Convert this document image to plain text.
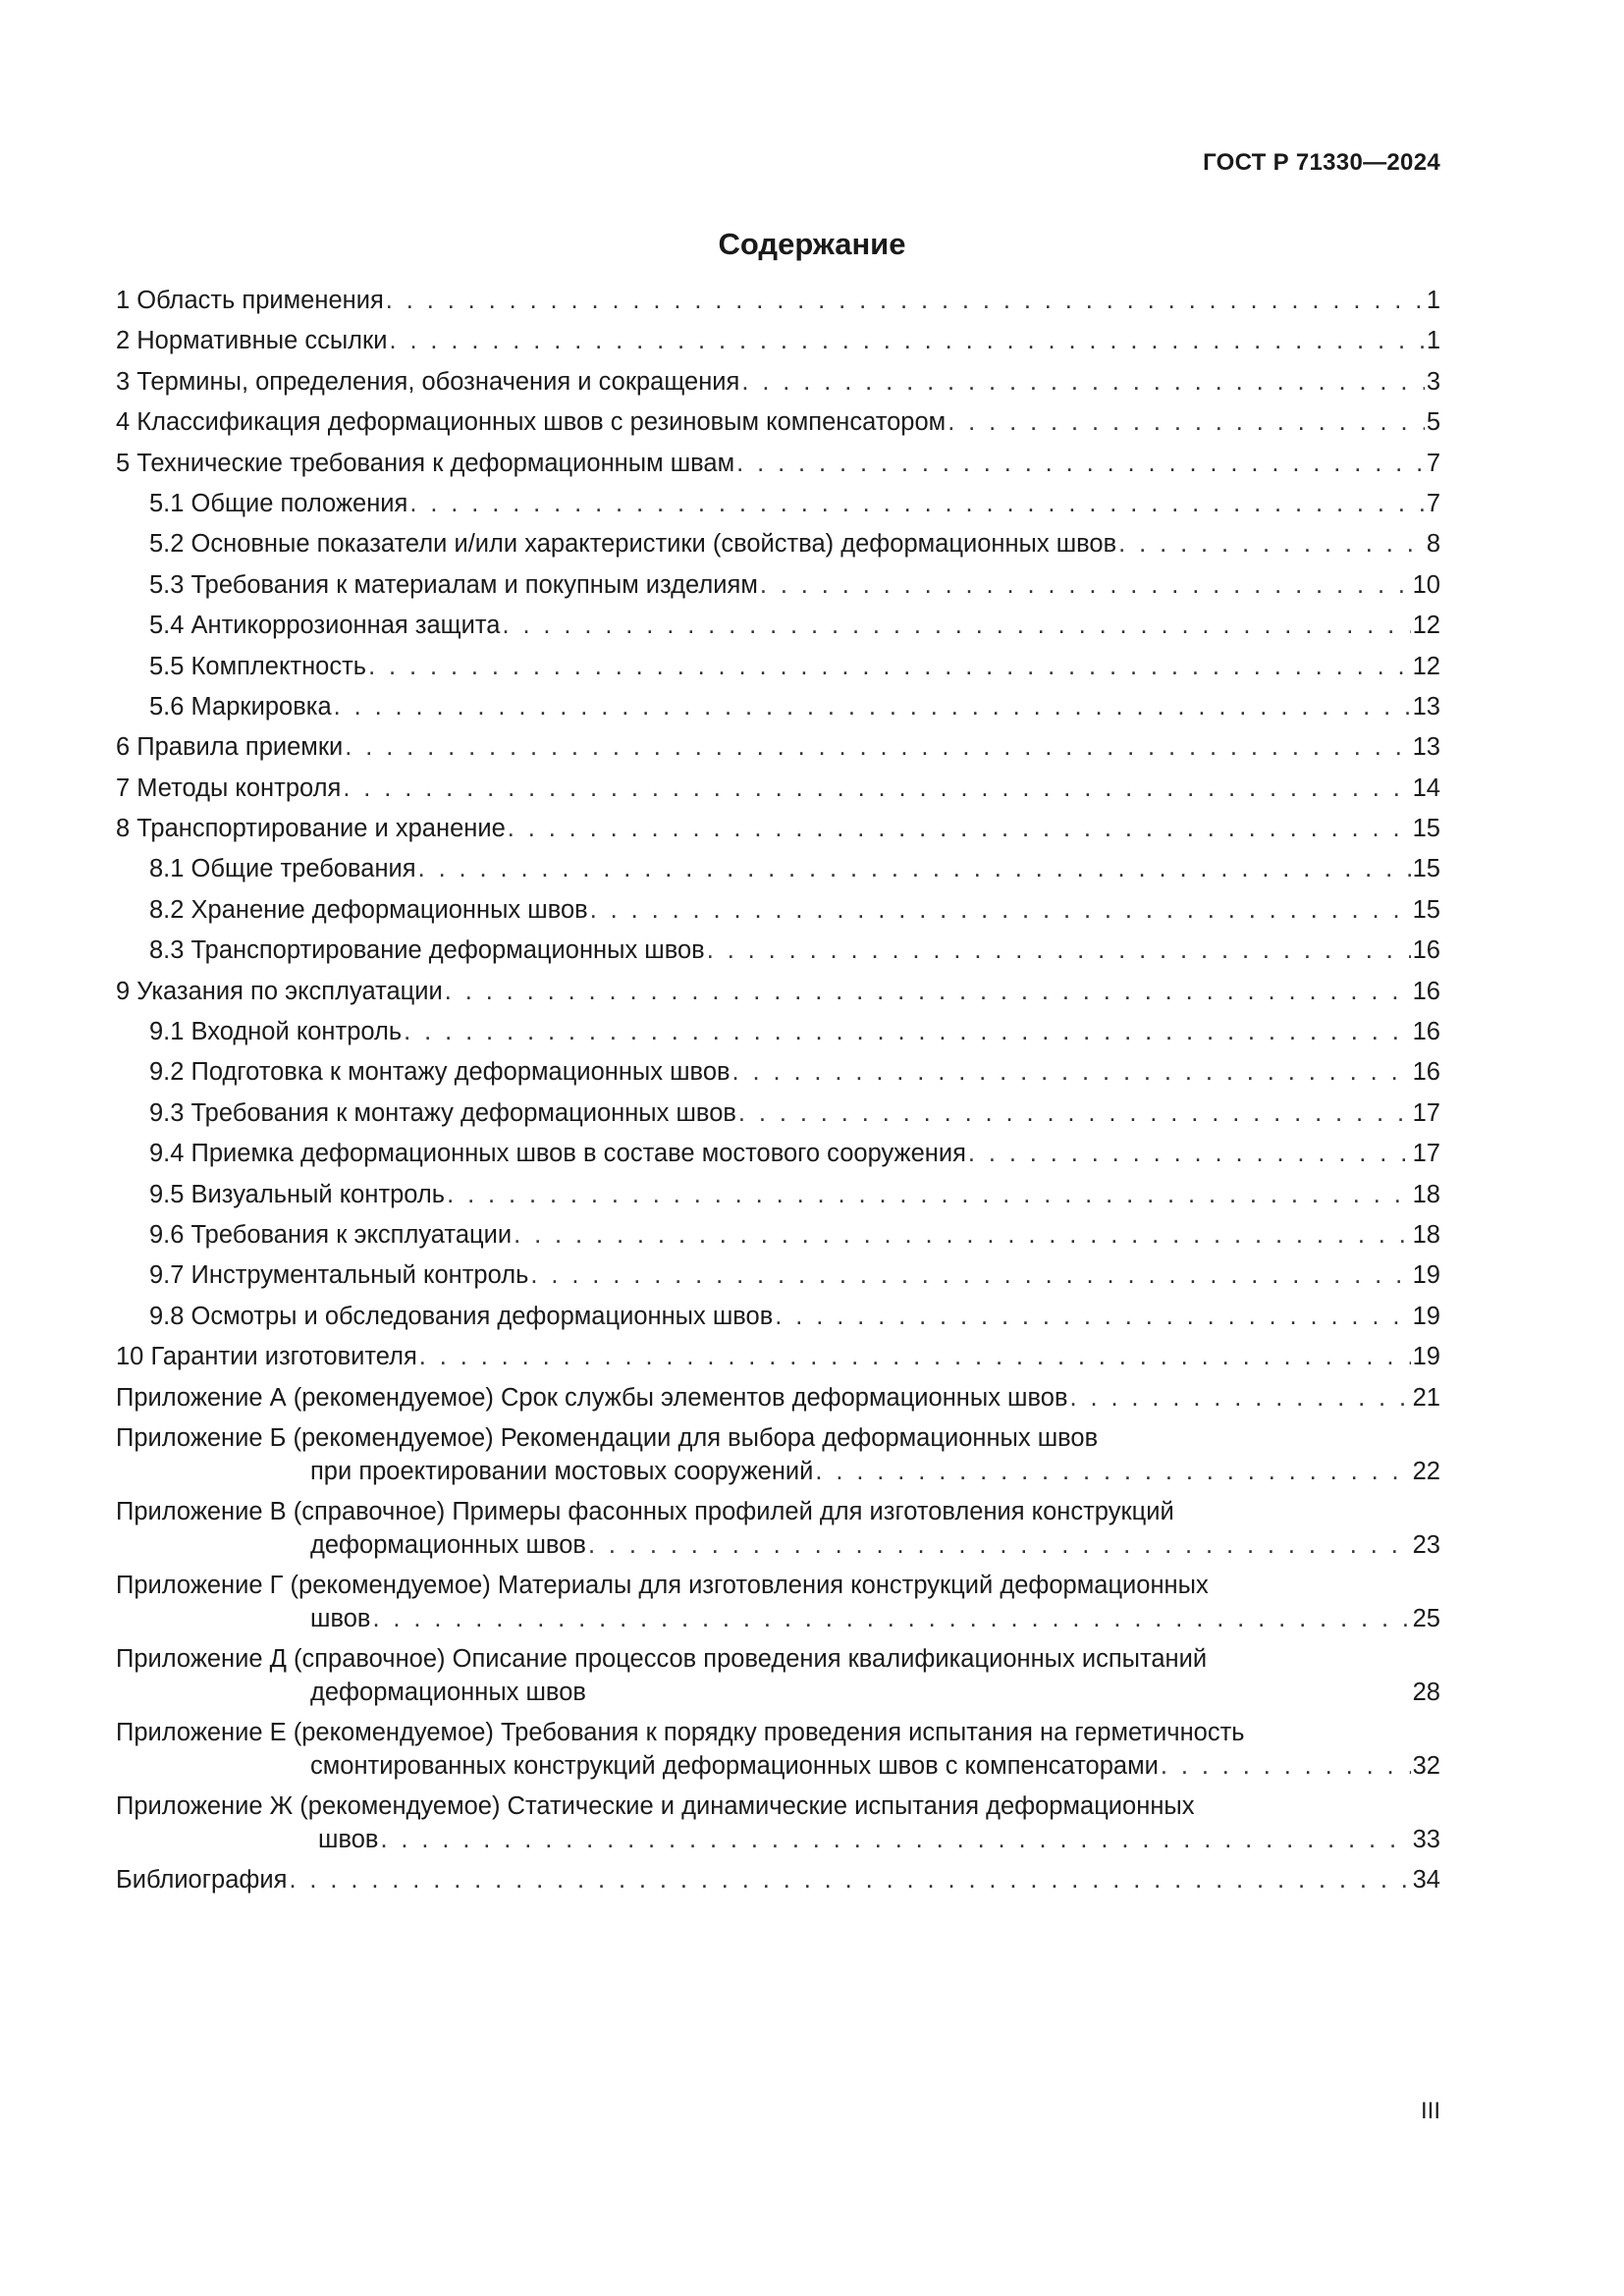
ГОСТ Р 71330—2024
Содержание
1 Область применения . . .	1
2 Нормативные ссылки . . .	1
3 Термины, определения, обозначения и сокращения . . .	3
4 Классификация деформационных швов с резиновым компенсатором . . .	5
5 Технические требования к деформационным швам . . .	7
5.1 Общие положения . . .	7
5.2 Основные показатели и/или характеристики (свойства) деформационных швов . . .	8
5.3 Требования к материалам и покупным изделиям . . .	10
5.4 Антикоррозионная защита . . .	12
5.5 Комплектность . . .	12
5.6 Маркировка . . .	13
6 Правила приемки . . .	13
7 Методы контроля . . .	14
8 Транспортирование и хранение . . .	15
8.1 Общие требования . . .	15
8.2 Хранение деформационных швов . . .	15
8.3 Транспортирование деформационных швов . . .	16
9 Указания по эксплуатации . . .	16
9.1 Входной контроль . . .	16
9.2 Подготовка к монтажу деформационных швов . . .	16
9.3 Требования к монтажу деформационных швов . . .	17
9.4 Приемка деформационных швов в составе мостового сооружения . . .	17
9.5 Визуальный контроль . . .	18
9.6 Требования к эксплуатации . . .	18
9.7 Инструментальный контроль . . .	19
9.8 Осмотры и обследования деформационных швов . . .	19
10 Гарантии изготовителя . . .	19
Приложение А (рекомендуемое) Срок службы элементов деформационных швов . . .	21
Приложение Б (рекомендуемое) Рекомендации для выбора деформационных швов
при проектировании мостовых сооружений . . .	22
Приложение В (справочное) Примеры фасонных профилей для изготовления конструкций
деформационных швов . . .	23
Приложение Г (рекомендуемое) Материалы для изготовления конструкций деформационных
швов . . .	25
Приложение Д (справочное) Описание процессов проведения квалификационных испытаний
деформационных швов	28
Приложение Е (рекомендуемое) Требования к порядку проведения испытания на герметичность
смонтированных конструкций деформационных швов с компенсаторами . . .	32
Приложение Ж (рекомендуемое) Статические и динамические испытания деформационных
швов . . .	33
Библиография . . .	34
III
